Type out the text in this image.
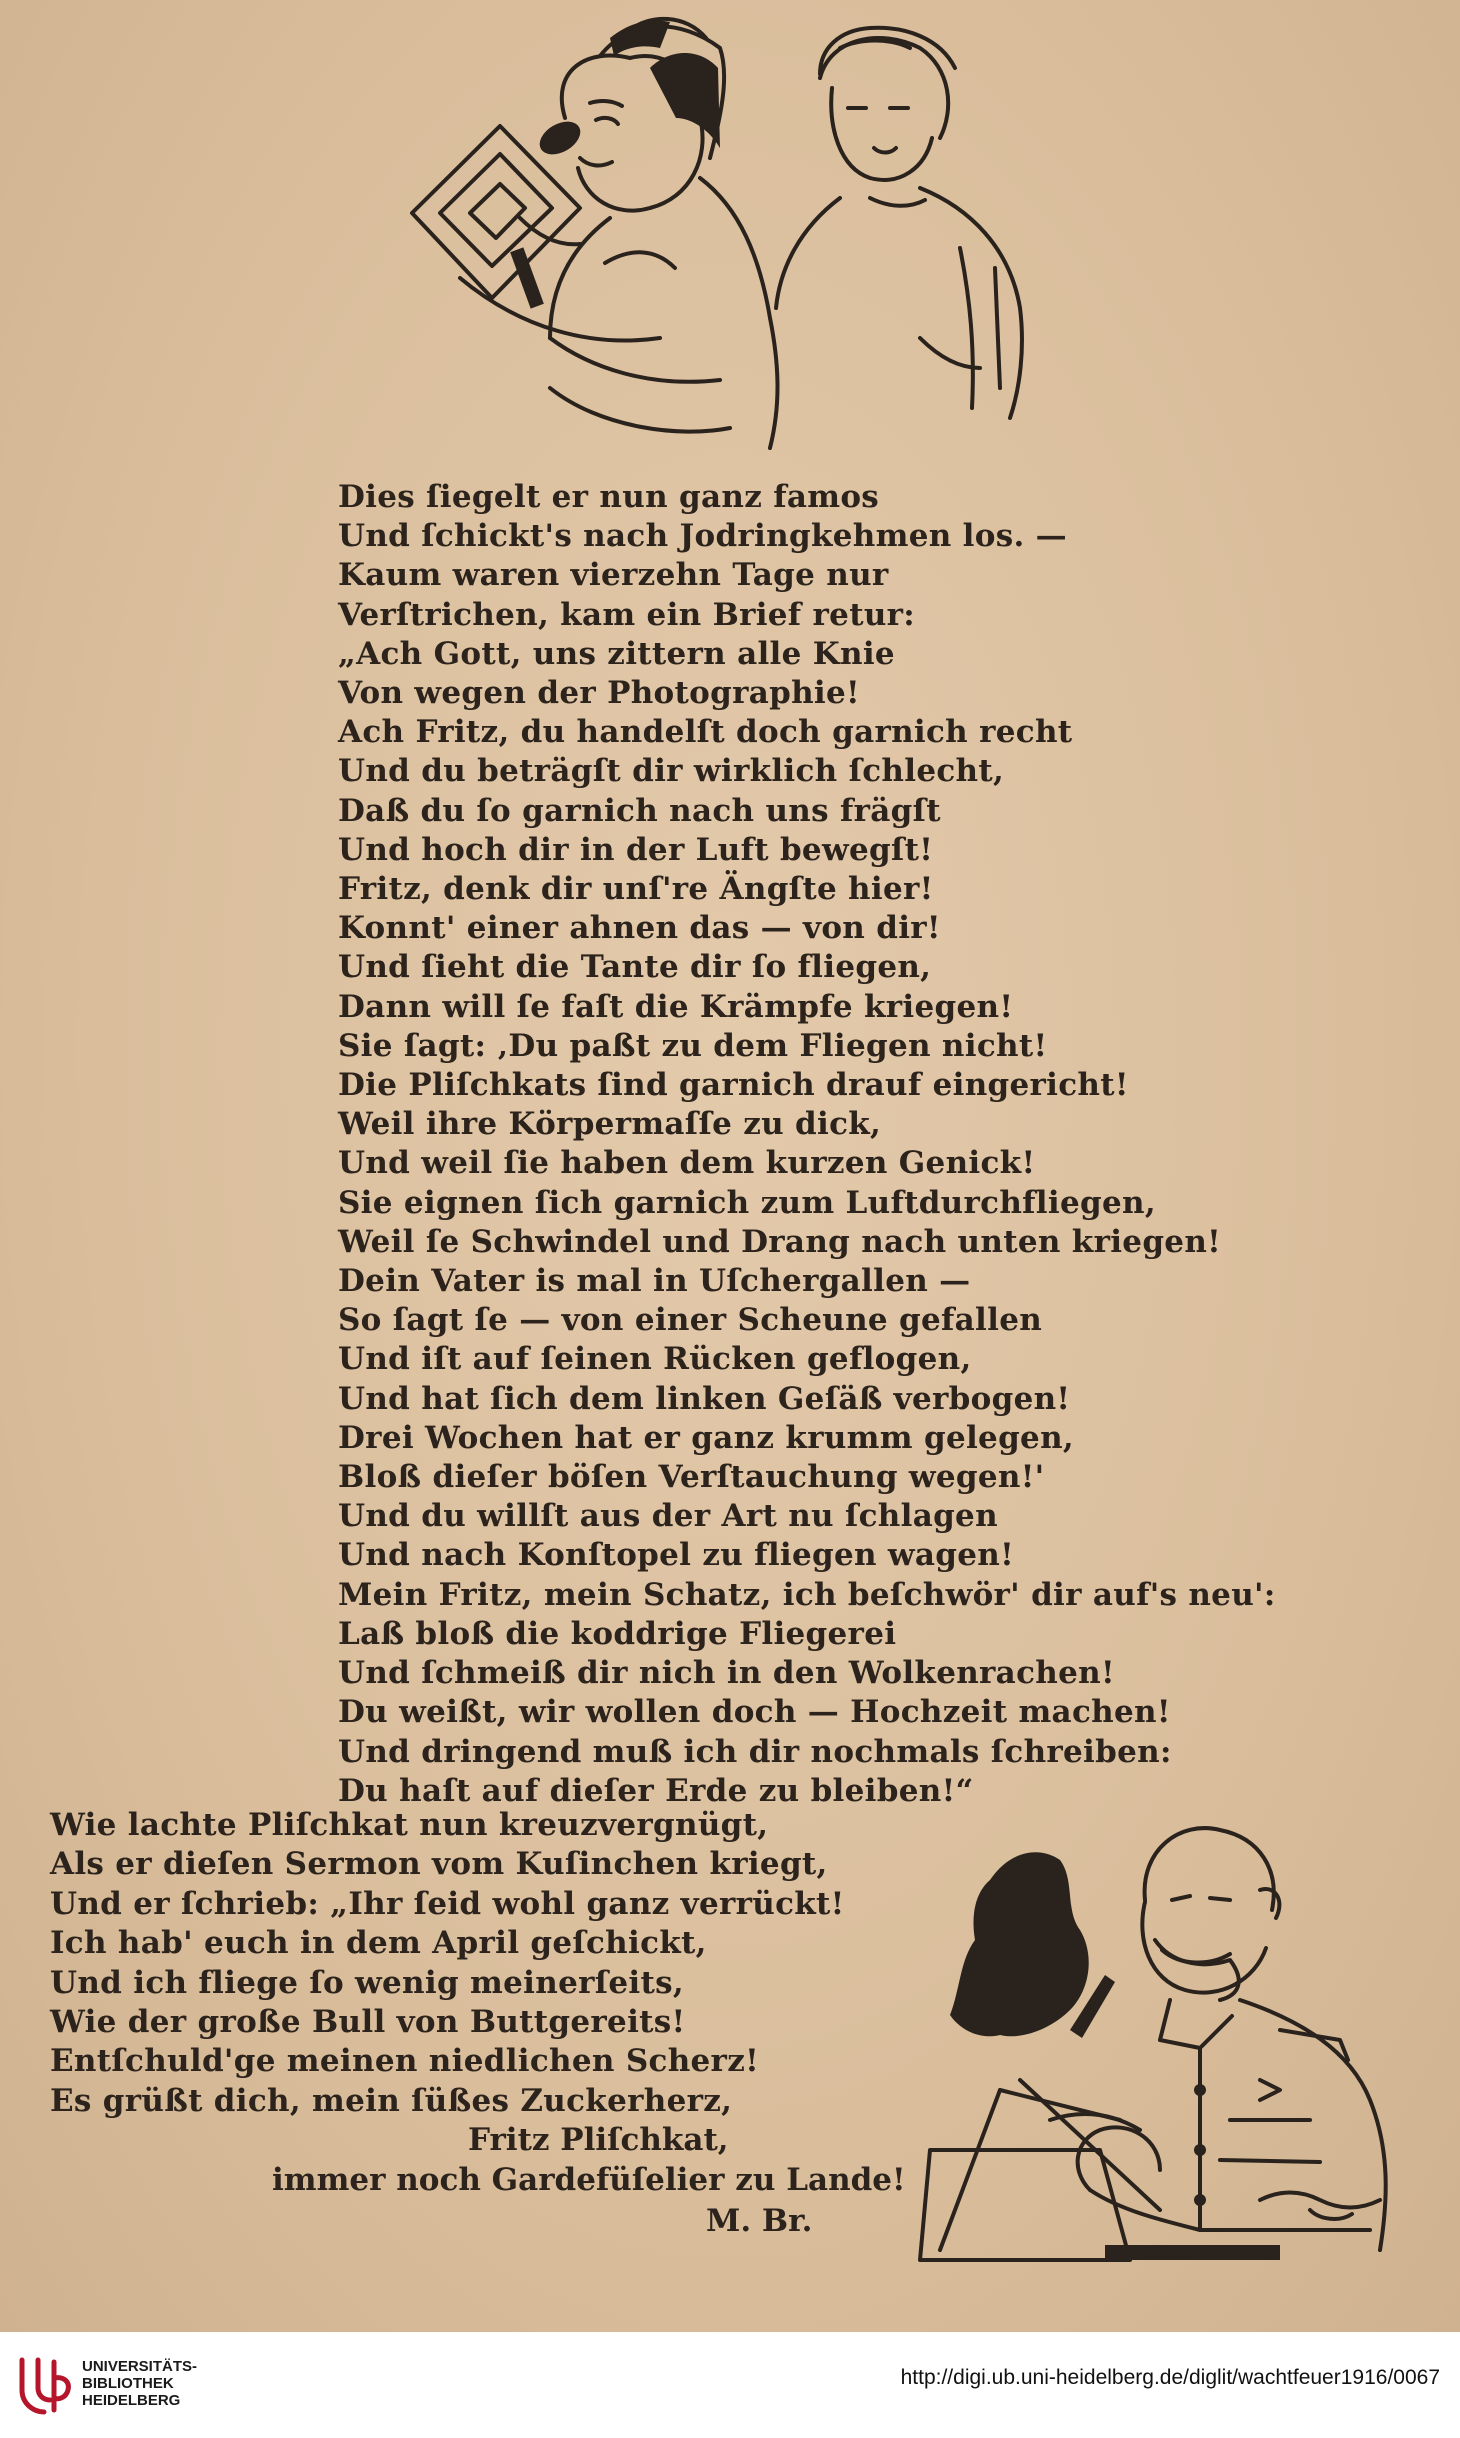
Dies ſiegelt er nun ganz famos
Und ſchickt's nach Jodringkehmen los. —
Kaum waren vierzehn Tage nur
Verſtrichen, kam ein Brief retur:
„Ach Gott, uns zittern alle Knie
Von wegen der Photographie!
Ach Fritz, du handelſt doch garnich recht
Und du beträgſt dir wirklich ſchlecht,
Daß du ſo garnich nach uns frägſt
Und hoch dir in der Luft bewegſt!
Fritz, denk dir unſ're Ängſte hier!
Konnt' einer ahnen das — von dir!
Und ſieht die Tante dir ſo fliegen,
Dann will ſe faſt die Krämpfe kriegen!
Sie ſagt: ‚Du paßt zu dem Fliegen nicht!
Die Pliſchkats ſind garnich drauf eingericht!
Weil ihre Körpermaſſe zu dick,
Und weil ſie haben dem kurzen Genick!
Sie eignen ſich garnich zum Luftdurchfliegen,
Weil ſe Schwindel und Drang nach unten kriegen!
Dein Vater is mal in Uſchergallen —
So ſagt ſe — von einer Scheune gefallen
Und iſt auf ſeinen Rücken geflogen,
Und hat ſich dem linken Geſäß verbogen!
Drei Wochen hat er ganz krumm gelegen,
Bloß dieſer böſen Verſtauchung wegen!'
Und du willſt aus der Art nu ſchlagen
Und nach Konſtopel zu fliegen wagen!
Mein Fritz, mein Schatz, ich beſchwör' dir auf's neu':
Laß bloß die koddrige Fliegerei
Und ſchmeiß dir nich in den Wolkenrachen!
Du weißt, wir wollen doch — Hochzeit machen!
Und dringend muß ich dir nochmals ſchreiben:
Du haſt auf dieſer Erde zu bleiben!“
Wie lachte Pliſchkat nun kreuzvergnügt,
Als er dieſen Sermon vom Kuſinchen kriegt,
Und er ſchrieb: „Ihr ſeid wohl ganz verrückt!
Ich hab' euch in dem April geſchickt,
Und ich fliege ſo wenig meinerſeits,
Wie der große Bull von Buttgereits!
Entſchuld'ge meinen niedlichen Scherz!
Es grüßt dich, mein ſüßes Zuckerherz,
Fritz Pliſchkat,
immer noch Gardefüſelier zu Lande!
M. Br.
UNIVERSITÄTS-
BIBLIOTHEK
HEIDELBERG
http://digi.ub.uni-heidelberg.de/diglit/wachtfeuer1916/0067
